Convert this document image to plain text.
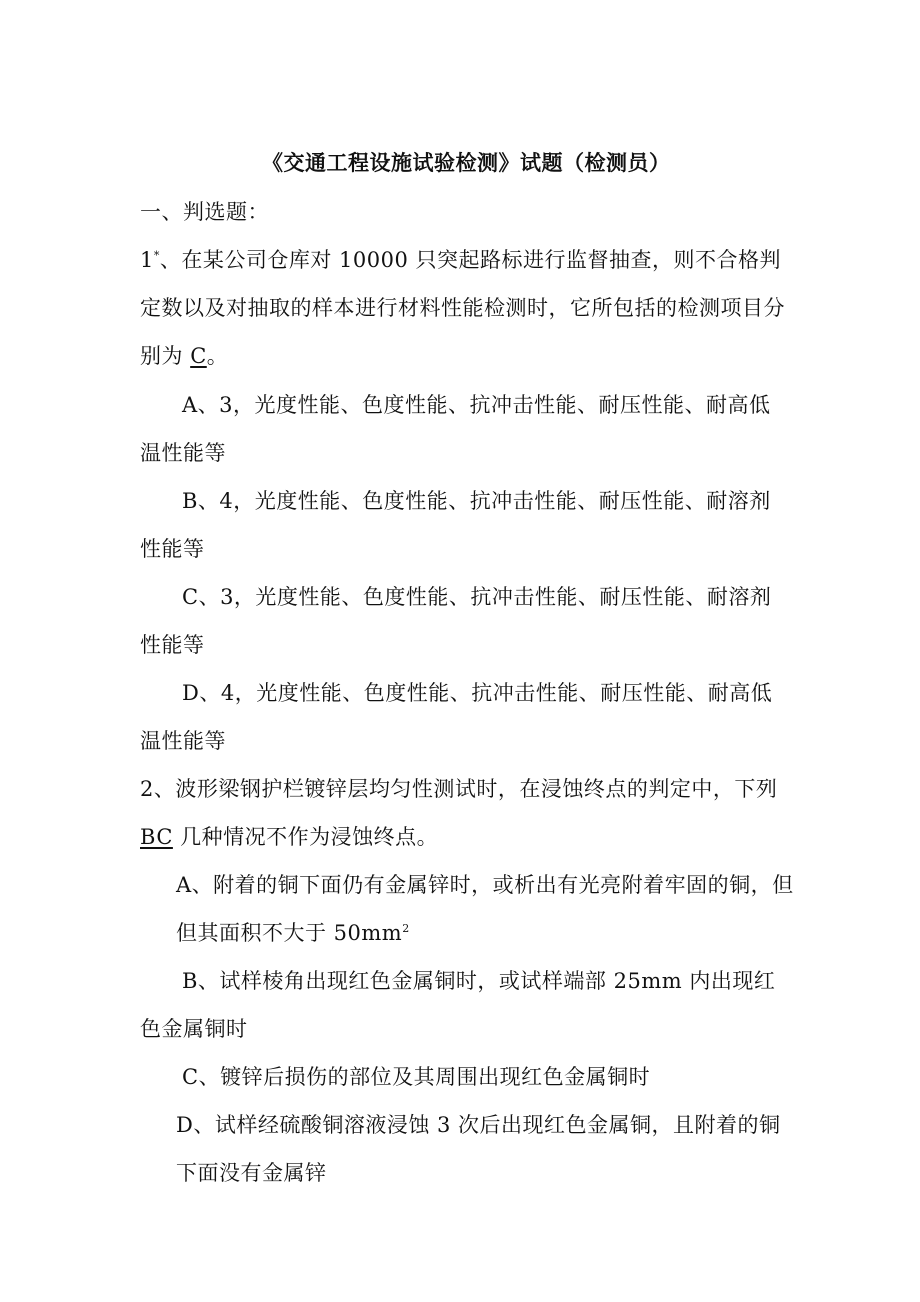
《交通工程设施试验检测》试题（检测员）
一、判选题：
1*、在某公司仓库对 10000 只突起路标进行监督抽查，则不合格判
定数以及对抽取的样本进行材料性能检测时，它所包括的检测项目分
别为 C。
A、3，光度性能、色度性能、抗冲击性能、耐压性能、耐高低
温性能等
B、4，光度性能、色度性能、抗冲击性能、耐压性能、耐溶剂
性能等
C、3，光度性能、色度性能、抗冲击性能、耐压性能、耐溶剂
性能等
D、4，光度性能、色度性能、抗冲击性能、耐压性能、耐高低
温性能等
2、波形梁钢护栏镀锌层均匀性测试时，在浸蚀终点的判定中，下列
BC 几种情况不作为浸蚀终点。
A、附着的铜下面仍有金属锌时，或析出有光亮附着牢固的铜，但
但其面积不大于 $50mm^2$
B、试样棱角出现红色金属铜时，或试样端部 25mm 内出现红
色金属铜时
C、镀锌后损伤的部位及其周围出现红色金属铜时
D、试样经硫酸铜溶液浸蚀 3 次后出现红色金属铜，且附着的铜
下面没有金属锌
